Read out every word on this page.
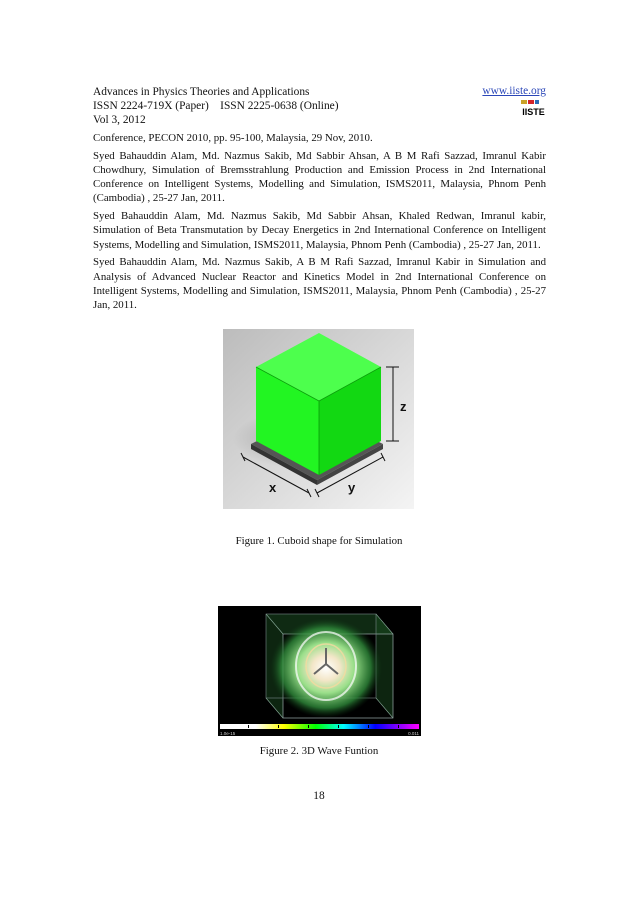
Advances in Physics Theories and Applications
ISSN 2224-719X (Paper)    ISSN 2225-0638 (Online)
Vol 3, 2012
www.iiste.org
IISTE

Conference, PECON 2010, pp. 95-100, Malaysia, 29 Nov, 2010.

Syed Bahauddin Alam, Md. Nazmus Sakib, Md Sabbir Ahsan, A B M Rafi Sazzad, Imranul Kabir Chowdhury, Simulation of Bremsstrahlung Production and Emission Process in 2nd International Conference on Intelligent Systems, Modelling and Simulation, ISMS2011, Malaysia, Phnom Penh (Cambodia) , 25-27 Jan, 2011.

Syed Bahauddin Alam, Md. Nazmus Sakib, Md Sabbir Ahsan, Khaled Redwan, Imranul kabir, Simulation of Beta Transmutation by Decay Energetics in 2nd International Conference on Intelligent Systems, Modelling and Simulation, ISMS2011, Malaysia, Phnom Penh (Cambodia) , 25-27 Jan, 2011.

Syed Bahauddin Alam, Md. Nazmus Sakib, A B M Rafi Sazzad, Imranul Kabir in Simulation and Analysis of Advanced Nuclear Reactor and Kinetics Model in 2nd International Conference on Intelligent Systems, Modelling and Simulation, ISMS2011, Malaysia, Phnom Penh (Cambodia) , 25-27 Jan, 2011.

z
x	y
Figure 1. Cuboid shape for Simulation
1.0e-15	0.011
Figure 2. 3D Wave Funtion
18
